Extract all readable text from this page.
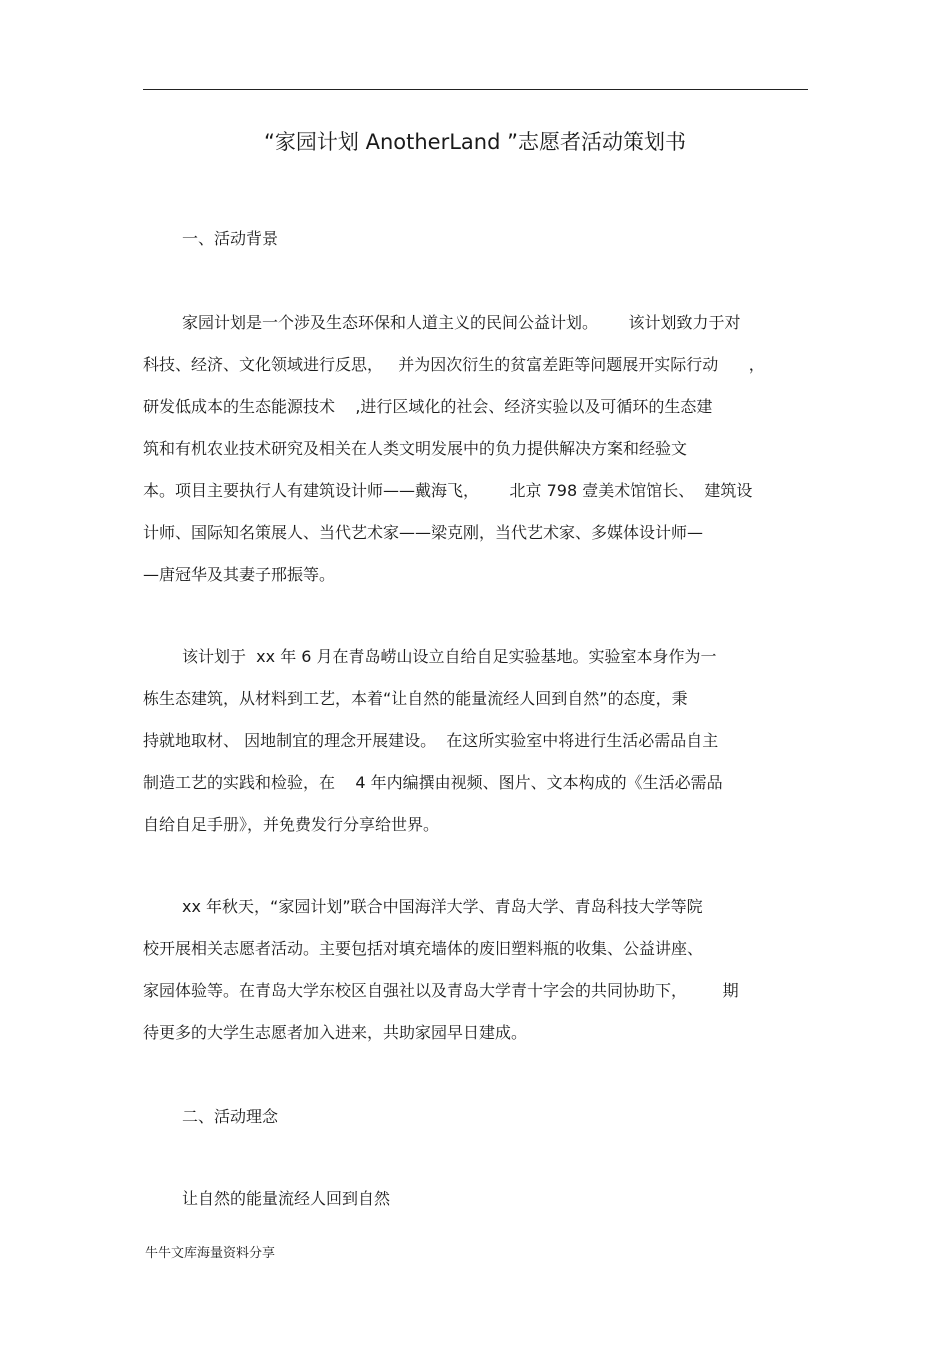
“家园计划 AnotherLand ”志愿者活动策划书
一、活动背景
家园计划是一个涉及生态环保和人道主义的民间公益计划。      该计划致力于对
科技、经济、文化领域进行反思，   并为因次衍生的贫富差距等问题展开实际行动      ，
研发低成本的生态能源技术    ,进行区域化的社会、经济实验以及可循环的生态建
筑和有机农业技术研究及相关在人类文明发展中的负力提供解决方案和经验文
本。项目主要执行人有建筑设计师——戴海飞，      北京 798 壹美术馆馆长、  建筑设
计师、国际知名策展人、当代艺术家——梁克刚，当代艺术家、多媒体设计师—
—唐冠华及其妻子邢振等。
该计划于  xx 年 6 月在青岛崂山设立自给自足实验基地。实验室本身作为一
栋生态建筑，从材料到工艺，本着“让自然的能量流经人回到自然”的态度，秉
持就地取材、 因地制宜的理念开展建设。  在这所实验室中将进行生活必需品自主
制造工艺的实践和检验，在    4 年内编撰由视频、图片、文本构成的《生活必需品
自给自足手册》，并免费发行分享给世界。
xx 年秋天，“家园计划”联合中国海洋大学、青岛大学、青岛科技大学等院
校开展相关志愿者活动。主要包括对填充墙体的废旧塑料瓶的收集、公益讲座、
家园体验等。在青岛大学东校区自强社以及青岛大学青十字会的共同协助下，       期
待更多的大学生志愿者加入进来，共助家园早日建成。
二、活动理念
让自然的能量流经人回到自然
牛牛文库海量资料分享
